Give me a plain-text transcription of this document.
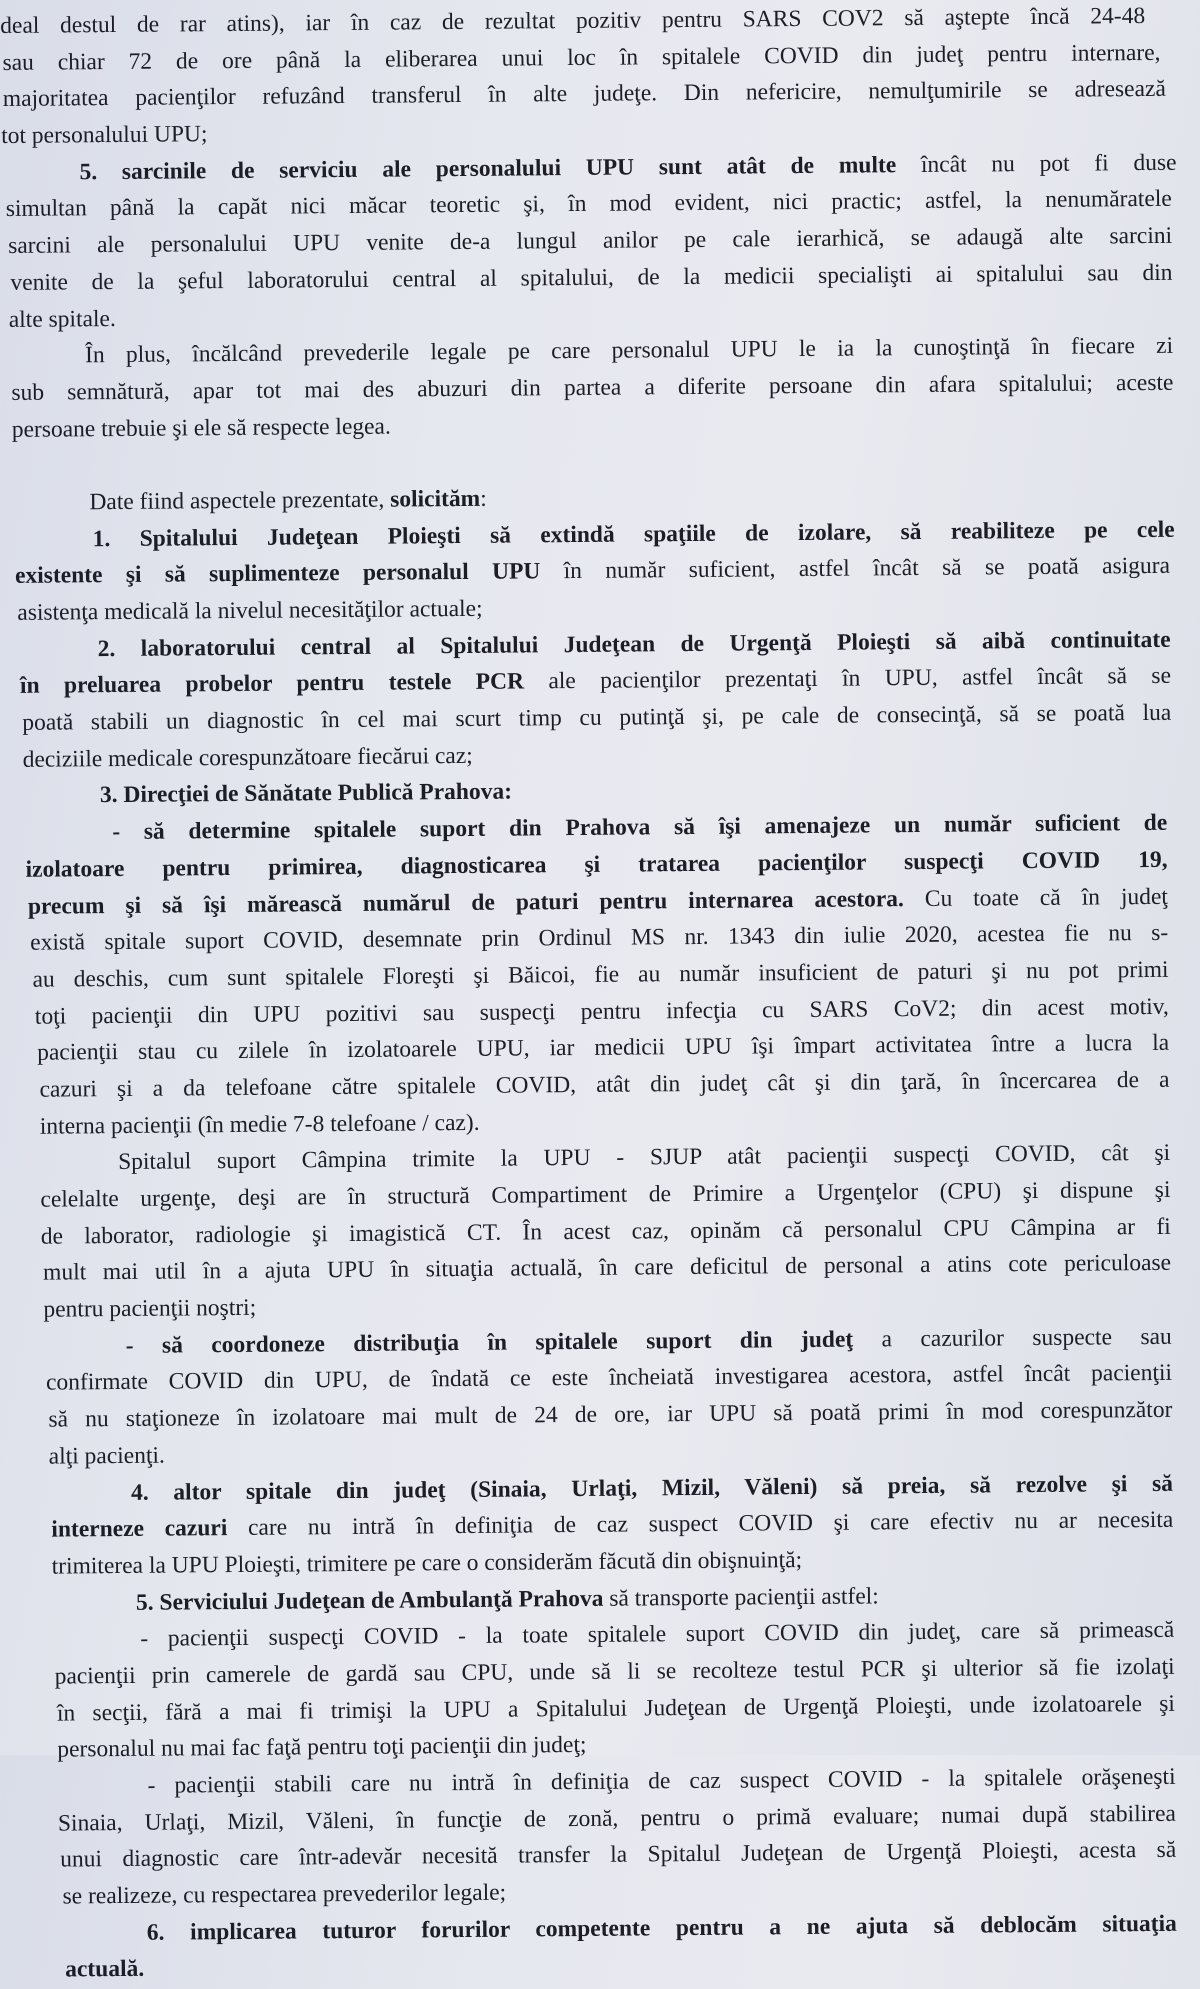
deal destul de rar atins), iar în caz de rezultat pozitiv pentru SARS COV2 să aştepte încă 24-48
sau chiar 72 de ore până la eliberarea unui loc în spitalele COVID din judeţ pentru internare,
majoritatea pacienţilor refuzând transferul în alte judeţe. Din nefericire, nemulţumirile se adresează
tot personalului UPU;
5. sarcinile de serviciu ale personalului UPU sunt atât de multe încât nu pot fi duse
simultan până la capăt nici măcar teoretic şi, în mod evident, nici practic; astfel, la nenumăratele
sarcini ale personalului UPU venite de-a lungul anilor pe cale ierarhică, se adaugă alte sarcini
venite de la şeful laboratorului central al spitalului, de la medicii specialişti ai spitalului sau din
alte spitale.
În plus, încălcând prevederile legale pe care personalul UPU le ia la cunoştinţă în fiecare zi
sub semnătură, apar tot mai des abuzuri din partea a diferite persoane din afara spitalului; aceste
persoane trebuie şi ele să respecte legea.
Date fiind aspectele prezentate, solicităm:
1. Spitalului Judeţean Ploieşti să extindă spaţiile de izolare, să reabiliteze pe cele
existente şi să suplimenteze personalul UPU în număr suficient, astfel încât să se poată asigura
asistenţa medicală la nivelul necesităţilor actuale;
2. laboratorului central al Spitalului Judeţean de Urgenţă Ploieşti să aibă continuitate
în preluarea probelor pentru testele PCR ale pacienţilor prezentaţi în UPU, astfel încât să se
poată stabili un diagnostic în cel mai scurt timp cu putinţă şi, pe cale de consecinţă, să se poată lua
deciziile medicale corespunzătoare fiecărui caz;
3. Direcţiei de Sănătate Publică Prahova:
- să determine spitalele suport din Prahova să îşi amenajeze un număr suficient de
izolatoare pentru primirea, diagnosticarea şi tratarea pacienţilor suspecţi COVID 19,
precum şi să îşi mărească numărul de paturi pentru internarea acestora. Cu toate că în judeţ
există spitale suport COVID, desemnate prin Ordinul MS nr. 1343 din iulie 2020, acestea fie nu s-
au deschis, cum sunt spitalele Floreşti şi Băicoi, fie au număr insuficient de paturi şi nu pot primi
toţi pacienţii din UPU pozitivi sau suspecţi pentru infecţia cu SARS CoV2; din acest motiv,
pacienţii stau cu zilele în izolatoarele UPU, iar medicii UPU îşi împart activitatea între a lucra la
cazuri şi a da telefoane către spitalele COVID, atât din judeţ cât şi din ţară, în încercarea de a
interna pacienţii (în medie 7-8 telefoane / caz).
Spitalul suport Câmpina trimite la UPU - SJUP atât pacienţii suspecţi COVID, cât şi
celelalte urgenţe, deşi are în structură Compartiment de Primire a Urgenţelor (CPU) şi dispune şi
de laborator, radiologie şi imagistică CT. În acest caz, opinăm că personalul CPU Câmpina ar fi
mult mai util în a ajuta UPU în situaţia actuală, în care deficitul de personal a atins cote periculoase
pentru pacienţii noştri;
- să coordoneze distribuţia în spitalele suport din judeţ a cazurilor suspecte sau
confirmate COVID din UPU, de îndată ce este încheiată investigarea acestora, astfel încât pacienţii
să nu staţioneze în izolatoare mai mult de 24 de ore, iar UPU să poată primi în mod corespunzător
alţi pacienţi.
4. altor spitale din judeţ (Sinaia, Urlaţi, Mizil, Văleni) să preia, să rezolve şi să
interneze cazuri care nu intră în definiţia de caz suspect COVID şi care efectiv nu ar necesita
trimiterea la UPU Ploieşti, trimitere pe care o considerăm făcută din obişnuinţă;
5. Serviciului Judeţean de Ambulanţă Prahova să transporte pacienţii astfel:
- pacienţii suspecţi COVID - la toate spitalele suport COVID din judeţ, care să primească
pacienţii prin camerele de gardă sau CPU, unde să li se recolteze testul PCR şi ulterior să fie izolaţi
în secţii, fără a mai fi trimişi la UPU a Spitalului Judeţean de Urgenţă Ploieşti, unde izolatoarele şi
personalul nu mai fac faţă pentru toţi pacienţii din judeţ;
- pacienţii stabili care nu intră în definiţia de caz suspect COVID - la spitalele orăşeneşti
Sinaia, Urlaţi, Mizil, Văleni, în funcţie de zonă, pentru o primă evaluare; numai după stabilirea
unui diagnostic care într-adevăr necesită transfer la Spitalul Judeţean de Urgenţă Ploieşti, acesta să
se realizeze, cu respectarea prevederilor legale;
6. implicarea tuturor forurilor competente pentru a ne ajuta să deblocăm situaţia
actuală.
